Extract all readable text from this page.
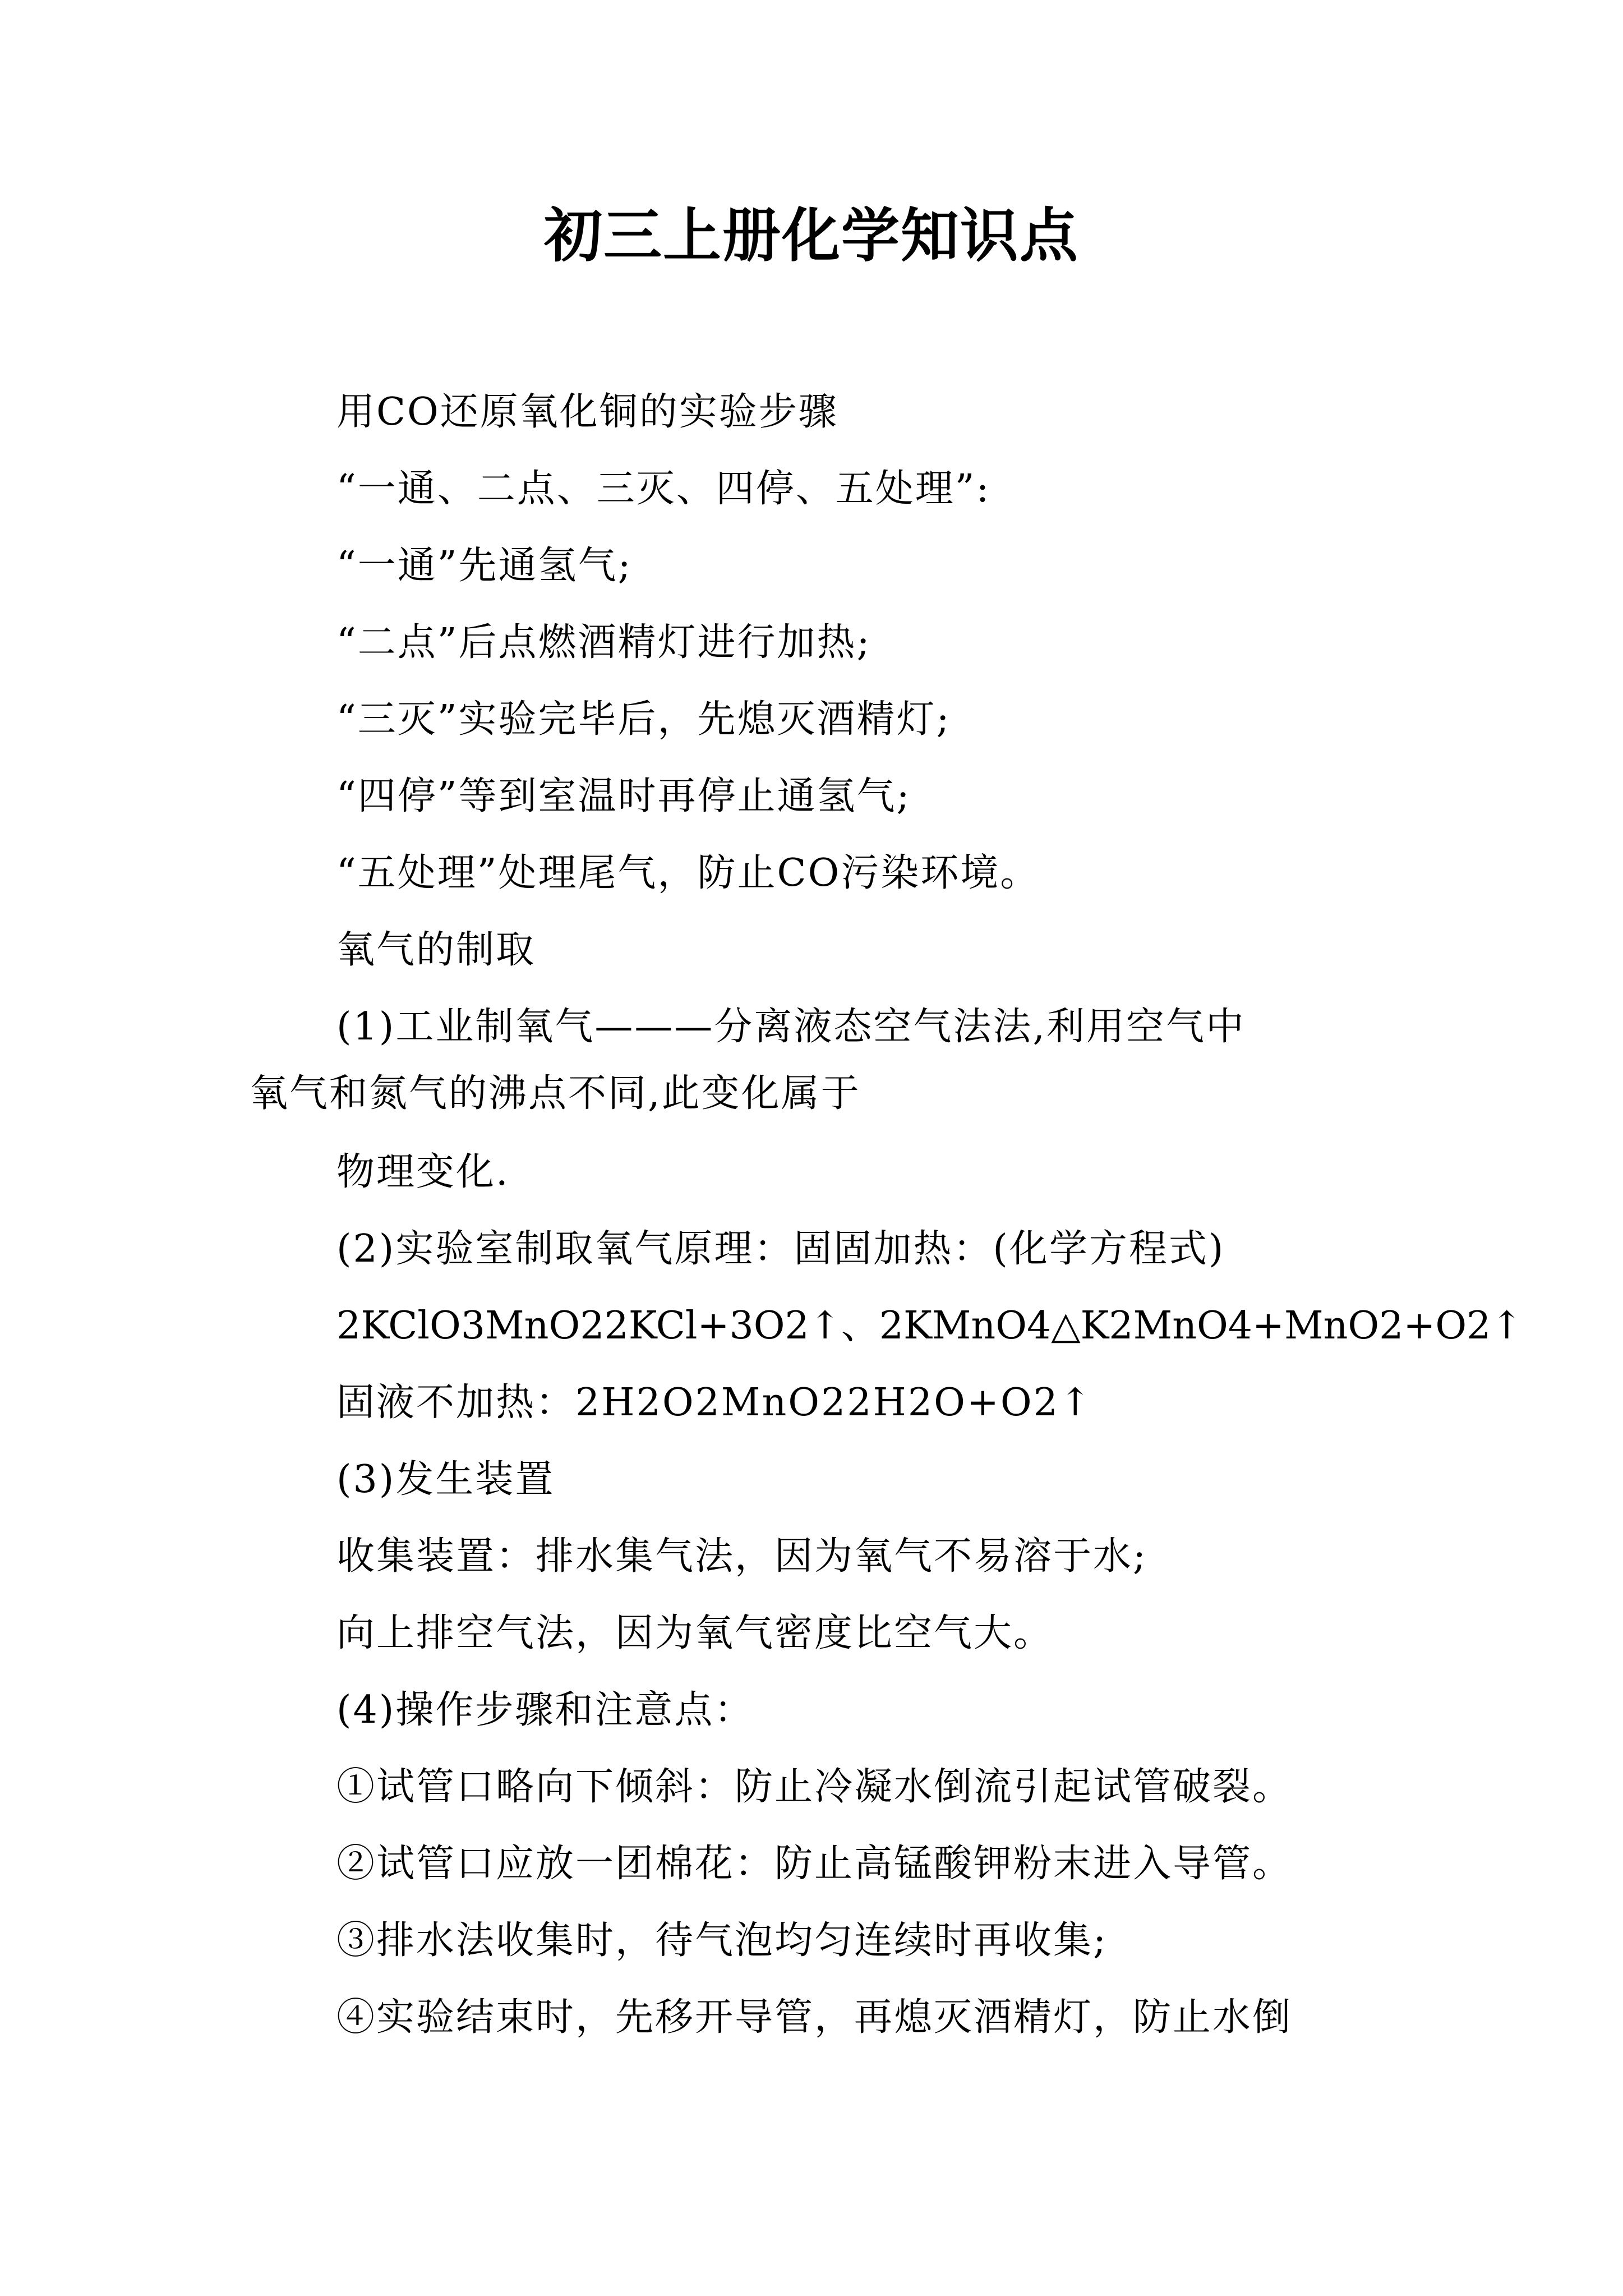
初三上册化学知识点
用CO还原氧化铜的实验步骤
“一通、二点、三灭、四停、五处理”:
“一通”先通氢气;
“二点”后点燃酒精灯进行加热;
“三灭”实验完毕后，先熄灭酒精灯;
“四停”等到室温时再停止通氢气;
“五处理”处理尾气，防止CO污染环境。
氧气的制取
(1)工业制氧气———分离液态空气法法,利用空气中
氧气和氮气的沸点不同,此变化属于
物理变化.
(2)实验室制取氧气原理：固固加热：(化学方程式)
2KClO3MnO22KCl+3O2↑、2KMnO4△K2MnO4+MnO2+O2↑
固液不加热：2H2O2MnO22H2O+O2↑
(3)发生装置
收集装置：排水集气法，因为氧气不易溶于水;
向上排空气法，因为氧气密度比空气大。
(4)操作步骤和注意点：
①试管口略向下倾斜：防止冷凝水倒流引起试管破裂。
②试管口应放一团棉花：防止高锰酸钾粉末进入导管。
③排水法收集时，待气泡均匀连续时再收集;
④实验结束时，先移开导管，再熄灭酒精灯，防止水倒
